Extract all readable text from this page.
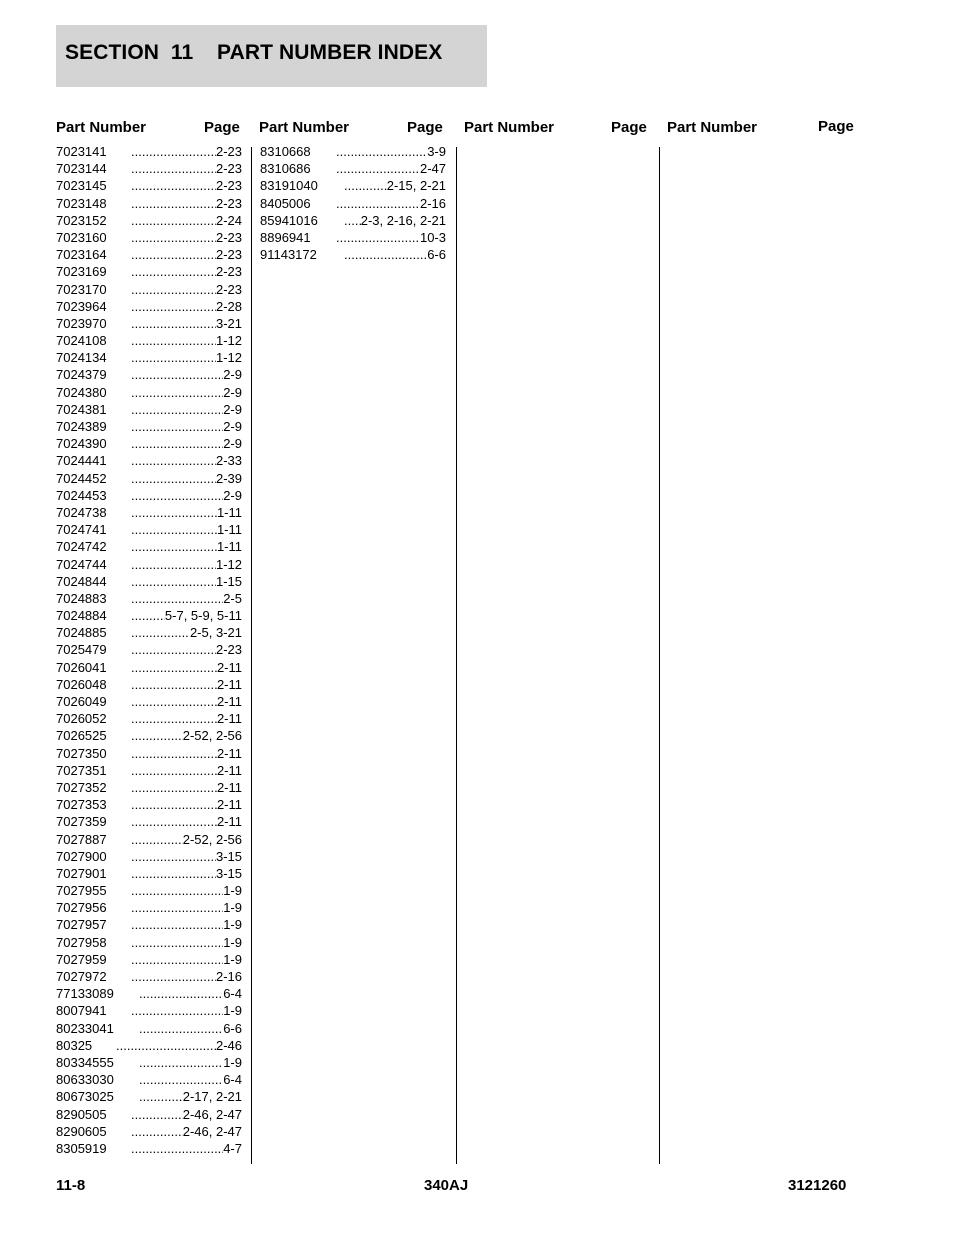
SECTION  11    PART NUMBER INDEX
Part Number	Page Part Number	Page Part Number	Page Part Number	Page
7023141 .....	2-23
7023144 .....	2-23
7023145 .....	2-23
7023148 .....	2-23
7023152 .....	2-24
7023160 .....	2-23
7023164 .....	2-23
7023169 .....	2-23
7023170 .....	2-23
7023964 .....	2-28
7023970 .....	3-21
7024108 .....	1-12
7024134 .....	1-12
7024379 .....	2-9
7024380 .....	2-9
7024381 .....	2-9
7024389 .....	2-9
7024390 .....	2-9
7024441 .....	2-33
7024452 .....	2-39
7024453 .....	2-9
7024738 .....	1-11
7024741 .....	1-11
7024742 .....	1-11
7024744 .....	1-12
7024844 .....	1-15
7024883 .....	2-5
7024884 .....	5-7, 5-9, 5-11
7024885 .....	2-5, 3-21
7025479 .....	2-23
7026041 .....	2-11
7026048 .....	2-11
7026049 .....	2-11
7026052 .....	2-11
7026525 .....	2-52, 2-56
7027350 .....	2-11
7027351 .....	2-11
7027352 .....	2-11
7027353 .....	2-11
7027359 .....	2-11
7027887 .....	2-52, 2-56
7027900 .....	3-15
7027901 .....	3-15
7027955 .....	1-9
7027956 .....	1-9
7027957 .....	1-9
7027958 .....	1-9
7027959 .....	1-9
7027972 .....	2-16
77133089 .....	6-4
8007941 .....	1-9
80233041 .....	6-6
80325 .....	2-46
80334555 .....	1-9
80633030 .....	6-4
80673025 .....	2-17, 2-21
8290505 .....	2-46, 2-47
8290605 .....	2-46, 2-47
8305919 .....	4-7
8310668 .....	3-9
8310686 .....	2-47
83191040 .....	2-15, 2-21
8405006 .....	2-16
85941016 .....	2-3, 2-16, 2-21
8896941 .....	10-3
91143172 .....	6-6
11-8	340AJ	3121260
